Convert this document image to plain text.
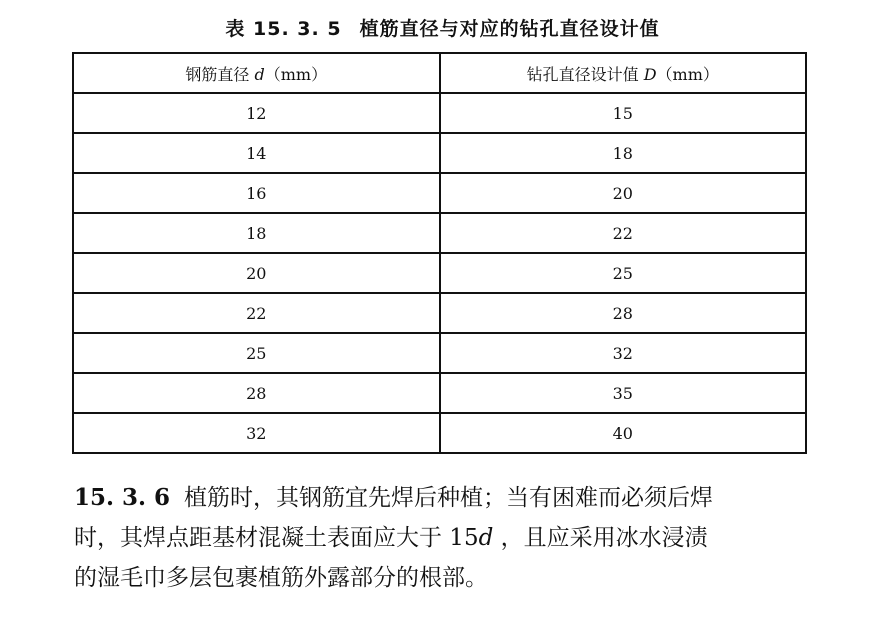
表 15. 3. 5 植筋直径与对应的钻孔直径设计值
钢筋直径 d（mm）	钻孔直径设计值 D（mm）
12	15
14	18
16	20
18	22
20	25
22	28
25	32
28	35
32	40

15. 3. 6 植筋时，其钢筋宜先焊后种植；当有困难而必须后焊
时，其焊点距基材混凝土表面应大于 15d ，且应采用冰水浸渍
的湿毛巾多层包裹植筋外露部分的根部。
